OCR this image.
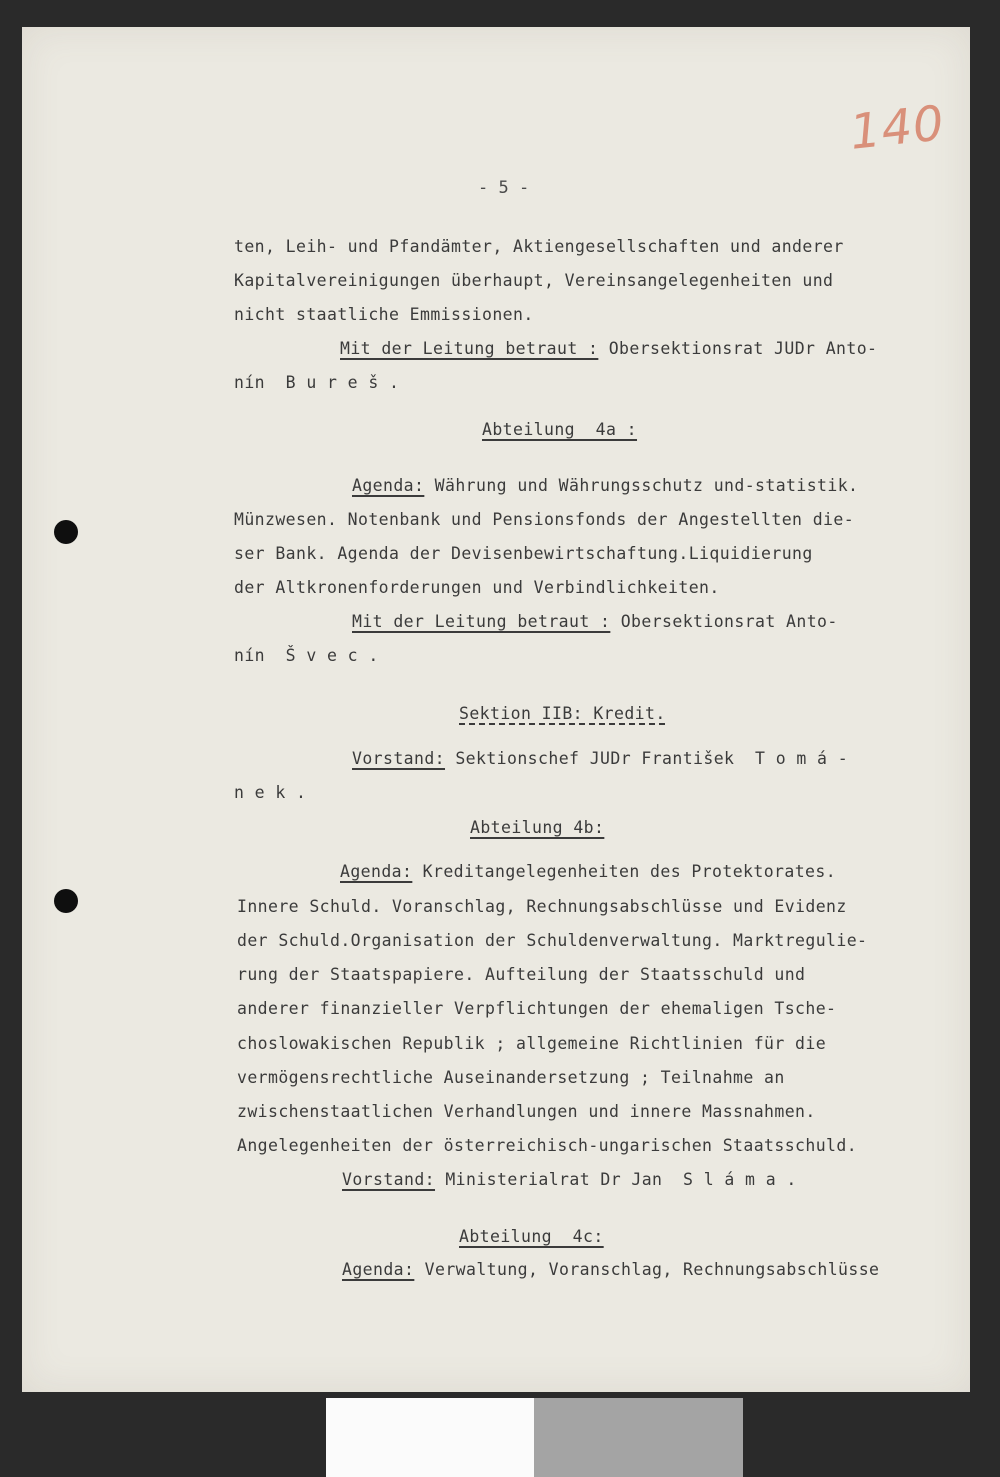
140
- 5 -
ten, Leih- und Pfandämter, Aktiengesellschaften und anderer
Kapitalvereinigungen überhaupt, Vereinsangelegenheiten und
nicht staatliche Emmissionen.
Mit der Leitung betraut : Obersektionsrat JUDr Anto-
nín  B u r e š .
Abteilung  4a :
Agenda: Währung und Währungsschutz und-statistik.
Münzwesen. Notenbank und Pensionsfonds der Angestellten die-
ser Bank. Agenda der Devisenbewirtschaftung.Liquidierung
der Altkronenforderungen und Verbindlichkeiten.
Mit der Leitung betraut : Obersektionsrat Anto-
nín  Š v e c .
Sektion IIB: Kredit.
Vorstand: Sektionschef JUDr František  T o m á -
n e k .
Abteilung 4b:
Agenda: Kreditangelegenheiten des Protektorates.
Innere Schuld. Voranschlag, Rechnungsabschlüsse und Evidenz
der Schuld.Organisation der Schuldenverwaltung. Marktregulie-
rung der Staatspapiere. Aufteilung der Staatsschuld und
anderer finanzieller Verpflichtungen der ehemaligen Tsche-
choslowakischen Republik ; allgemeine Richtlinien für die
vermögensrechtliche Auseinandersetzung ; Teilnahme an
zwischenstaatlichen Verhandlungen und innere Massnahmen.
Angelegenheiten der österreichisch-ungarischen Staatsschuld.
Vorstand: Ministerialrat Dr Jan  S l á m a .
Abteilung  4c:
Agenda: Verwaltung, Voranschlag, Rechnungsabschlüsse
